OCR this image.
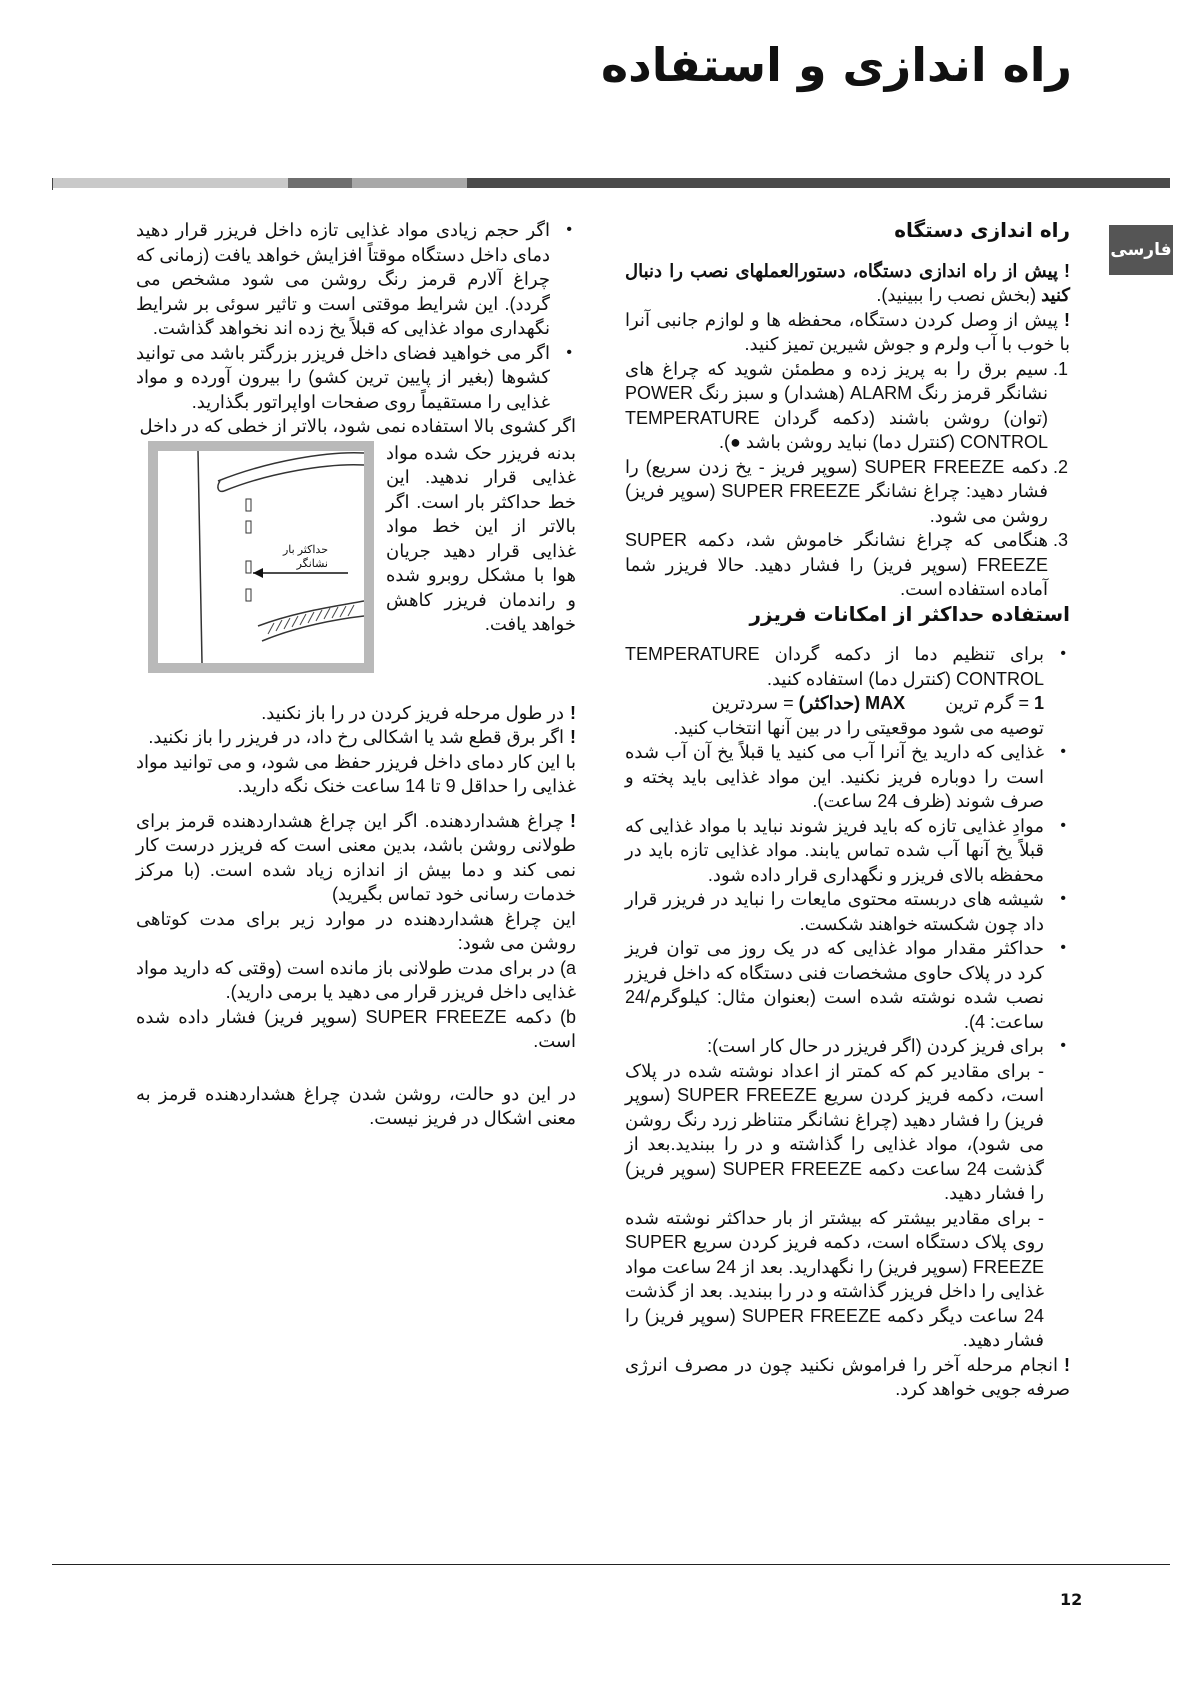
راه اندازی و استفاده
فارسی
راه اندازی دستگاه

!پیش از راه اندازی دستگاه، دستورالعملهای نصب را دنبال کنید (بخش نصب را ببینید).

!پیش از وصل کردن دستگاه، محفظه ها و لوازم جانبی آنرا با خوب با آب ولرم و جوش شیرین تمیز کنید.

1. سیم برق را به پریز زده و مطمئن شوید که چراغ های نشانگر قرمز رنگ ALARM (هشدار) و سبز رنگ POWER (توان) روشن باشند (دکمه گردان TEMPERATURE CONTROL (کنترل دما) نباید روشن باشد ●).
2. دکمه SUPER FREEZE (سوپر فریز - یخ زدن سریع) را فشار دهید: چراغ نشانگر SUPER FREEZE (سوپر فریز) روشن می شود.
3. هنگامی که چراغ نشانگر خاموش شد، دکمه SUPER FREEZE (سوپر فریز) را فشار دهید. حالا فریزر شما آماده استفاده است.
استفاده حداکثر از امکانات فریزر
• برای تنظیم دما از دکمه گردان TEMPERATURE CONTROL (کنترل دما) استفاده کنید.
1 = گرم ترین        MAX (حداکثر) = سردترین
توصیه می شود موقعیتی را در بین آنها انتخاب کنید.
• غذایی که دارید یخ آنرا آب می کنید یا قبلاً یخ آن آب شده است را دوباره فریز نکنید. این مواد غذایی باید پخته و صرف شوند (ظرف 24 ساعت).
• موادِ غذایی تازه که باید فریز شوند نباید با مواد غذایی که قبلاً یخ آنها آب شده تماس یابند. مواد غذایی تازه باید در محفظه بالای فریزر و نگهداری قرار داده شود.
• شیشه های دربسته محتوی مایعات را نباید در فریزر قرار داد چون شکسته خواهند شکست.
• حداکثر مقدار مواد غذایی که در یک روز می توان فریز کرد در پلاک حاوی مشخصات فنی دستگاه که داخل فریزر نصب شده نوشته شده است (بعنوان مثال: کیلوگرم/24 ساعت: 4).
• برای فریز کردن (اگر فریزر در حال کار است):
- برای مقادیر کم که کمتر از اعداد نوشته شده در پلاک است، دکمه فریز کردن سریع SUPER FREEZE (سوپر فریز) را فشار دهید (چراغ نشانگر متناظر زرد رنگ روشن می شود)، مواد غذایی را گذاشته و در را ببندید.بعد از گذشت 24 ساعت دکمه SUPER FREEZE (سوپر فریز) را فشار دهید.
- برای مقادیر بیشتر که بیشتر از بار حداکثر نوشته شده روی پلاک دستگاه است، دکمه فریز کردن سریع SUPER FREEZE (سوپر فریز) را نگهدارید. بعد از 24 ساعت مواد غذایی را داخل فریزر گذاشته و در را ببندید. بعد از گذشت 24 ساعت دیگر دکمه SUPER FREEZE (سوپر فریز) را فشار دهید.

!انجام مرحله آخر را فراموش نکنید چون در مصرف انرژی صرفه جویی خواهد کرد.

• اگر حجم زیادی مواد غذایی تازه داخل فریزر قرار دهید دمای داخل دستگاه موقتاً افزایش خواهد یافت (زمانی که چراغ آلارم قرمز رنگ روشن می شود مشخص می گردد). این شرایط موقتی است و تاثیر سوئی بر شرایط نگهداری مواد غذایی که قبلاً یخ زده اند نخواهد گذاشت.
• اگر می خواهید فضای داخل فریزر بزرگتر باشد می توانید کشوها (بغیر از پایین ترین کشو) را بیرون آورده و مواد غذایی را مستقیماً روی صفحات اواپراتور بگذارید.

اگر کشوی بالا استفاده نمی شود، بالاتر از خطی که در داخل

بدنه فریزر حک شده مواد غذایی قرار ندهید. این خط حداکثر بار است. اگر بالاتر از این خط مواد غذایی قرار دهید جریان هوا با مشکل روبرو شده و راندمان فریزر کاهش خواهد یافت.
حداکثر بار نشانگر

!در طول مرحله فریز کردن در را باز نکنید.

!اگر برق قطع شد یا اشکالی رخ داد، در فریزر را باز نکنید.

با این کار دمای داخل فریزر حفظ می شود، و می توانید مواد غذایی را حداقل 9 تا 14 ساعت خنک نگه دارید.

!چراغ هشداردهنده. اگر این چراغ هشداردهنده قرمز برای طولانی روشن باشد، بدین معنی است که فریزر درست کار نمی کند و دما بیش از اندازه زیاد شده است. (با مرکز خدمات رسانی خود تماس بگیرید)

این چراغ هشداردهنده در موارد زیر برای مدت کوتاهی روشن می شود:

a) در برای مدت طولانی باز مانده است (وقتی که دارید مواد غذایی داخل فریزر قرار می دهید یا برمی دارید).

b) دکمه SUPER FREEZE (سوپر فریز) فشار داده شده است.

در این دو حالت، روشن شدن چراغ هشداردهنده قرمز به معنی اشکال در فریز نیست.

12
